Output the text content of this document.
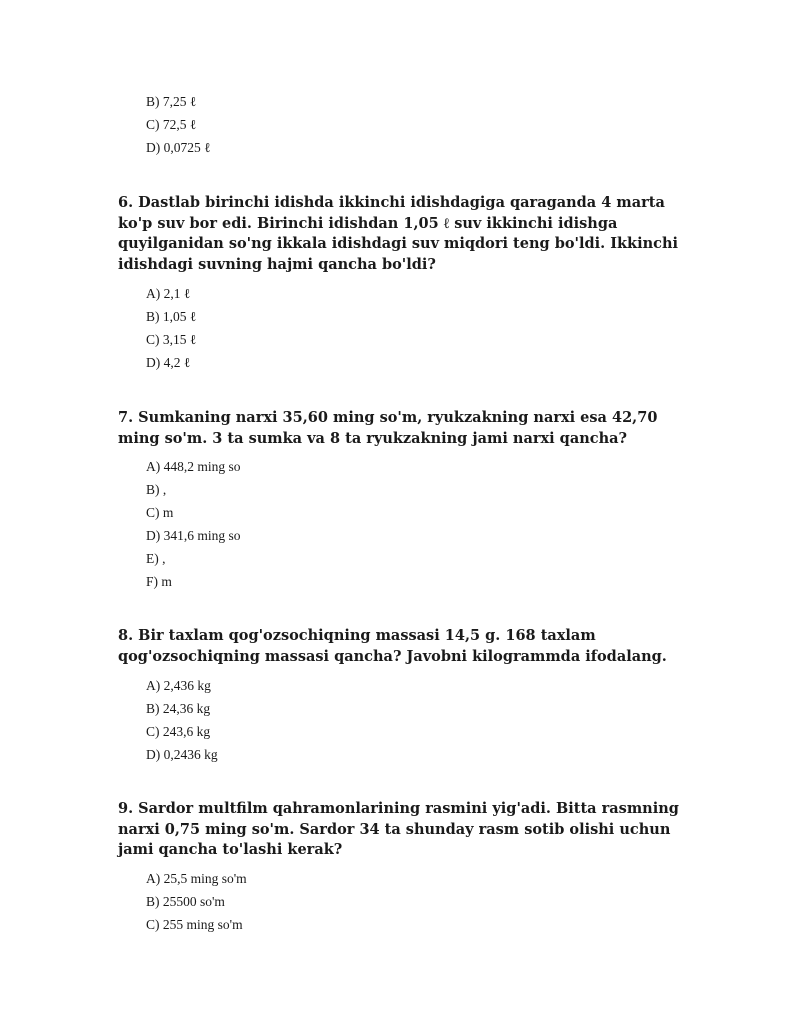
B) 7,25 ℓ
C) 72,5 ℓ
D) 0,0725 ℓ

6. Dastlab birinchi idishda ikkinchi idishdagiga qaraganda 4 marta ko'p suv bor edi. Birinchi idishdan 1,05 ℓ suv ikkinchi idishga quyilganidan so'ng ikkala idishdagi suv miqdori teng bo'ldi. Ikkinchi idishdagi suvning hajmi qancha bo'ldi?

A) 2,1 ℓ
B) 1,05 ℓ
C) 3,15 ℓ
D) 4,2 ℓ

7. Sumkaning narxi 35,60 ming so'm, ryukzakning narxi esa 42,70 ming so'm. 3 ta sumka va 8 ta ryukzakning jami narxi qancha?

A) 448,2 ming so
B) ,
C) m
D) 341,6 ming so
E) ,
F) m

8. Bir taxlam qog'ozsochiqning massasi 14,5 g. 168 taxlam qog'ozsochiqning massasi qancha? Javobni kilogrammda ifodalang.

A) 2,436 kg
B) 24,36 kg
C) 243,6 kg
D) 0,2436 kg

9. Sardor multfilm qahramonlarining rasmini yig'adi. Bitta rasmning narxi 0,75 ming so'm. Sardor 34 ta shunday rasm sotib olishi uchun jami qancha to'lashi kerak?

A) 25,5 ming so'm
B) 25500 so'm
C) 255 ming so'm
